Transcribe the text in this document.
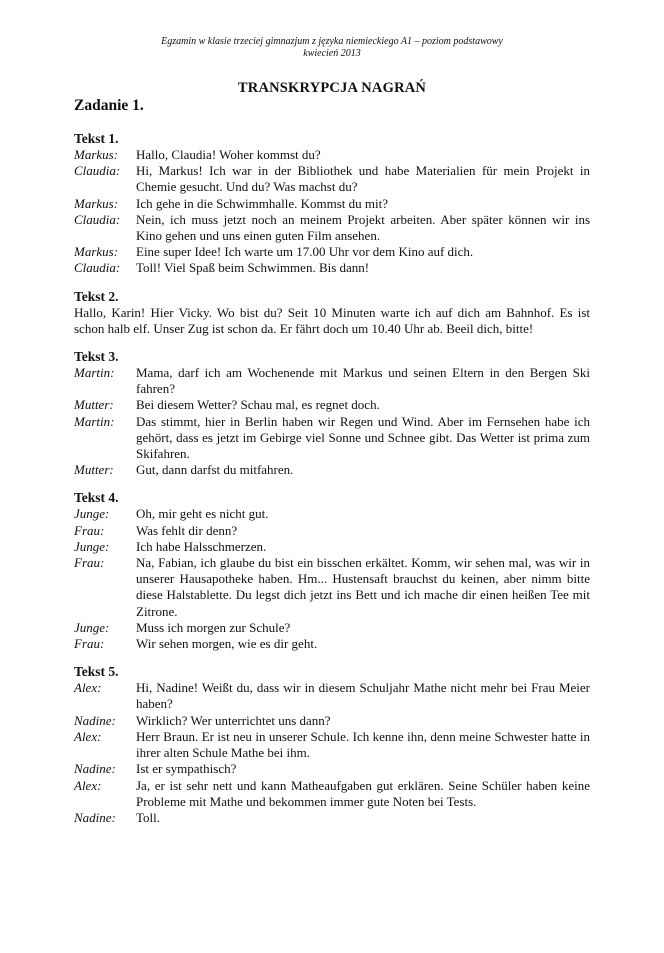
Egzamin w klasie trzeciej gimnazjum z języka niemieckiego A1 – poziom podstawowy
kwiecień 2013
TRANSKRYPCJA NAGRAŃ
Zadanie 1.
Tekst 1.
Markus:	Hallo, Claudia! Woher kommst du?
Claudia:	Hi, Markus! Ich war in der Bibliothek und habe Materialien für mein Projekt in Chemie gesucht. Und du? Was machst du?
Markus:	Ich gehe in die Schwimmhalle. Kommst du mit?
Claudia:	Nein, ich muss jetzt noch an meinem Projekt arbeiten. Aber später können wir ins Kino gehen und uns einen guten Film ansehen.
Markus:	Eine super Idee! Ich warte um 17.00 Uhr vor dem Kino auf dich.
Claudia:	Toll! Viel Spaß beim Schwimmen. Bis dann!
Tekst 2.
Hallo, Karin! Hier Vicky. Wo bist du? Seit 10 Minuten warte ich auf dich am Bahnhof. Es ist schon halb elf. Unser Zug ist schon da. Er fährt doch um 10.40 Uhr ab. Beeil dich, bitte!
Tekst 3.
Martin:	Mama, darf ich am Wochenende mit Markus und seinen Eltern in den Bergen Ski fahren?
Mutter:	Bei diesem Wetter? Schau mal, es regnet doch.
Martin:	Das stimmt, hier in Berlin haben wir Regen und Wind. Aber im Fernsehen habe ich gehört, dass es jetzt im Gebirge viel Sonne und Schnee gibt. Das Wetter ist prima zum Skifahren.
Mutter:	Gut, dann darfst du mitfahren.
Tekst 4.
Junge:	Oh, mir geht es nicht gut.
Frau:	Was fehlt dir denn?
Junge:	Ich habe Halsschmerzen.
Frau:	Na, Fabian, ich glaube du bist ein bisschen erkältet. Komm, wir sehen mal, was wir in unserer Hausapotheke haben. Hm... Hustensaft brauchst du keinen, aber nimm bitte diese Halstablette. Du legst dich jetzt ins Bett und ich mache dir einen heißen Tee mit Zitrone.
Junge:	Muss ich morgen zur Schule?
Frau:	Wir sehen morgen, wie es dir geht.
Tekst 5.
Alex:	Hi, Nadine! Weißt du, dass wir in diesem Schuljahr Mathe nicht mehr bei Frau Meier haben?
Nadine:	Wirklich? Wer unterrichtet uns dann?
Alex:	Herr Braun. Er ist neu in unserer Schule. Ich kenne ihn, denn meine Schwester hatte in ihrer alten Schule Mathe bei ihm.
Nadine:	Ist er sympathisch?
Alex:	Ja, er ist sehr nett und kann Matheaufgaben gut erklären. Seine Schüler haben keine Probleme mit Mathe und bekommen immer gute Noten bei Tests.
Nadine:	Toll.
